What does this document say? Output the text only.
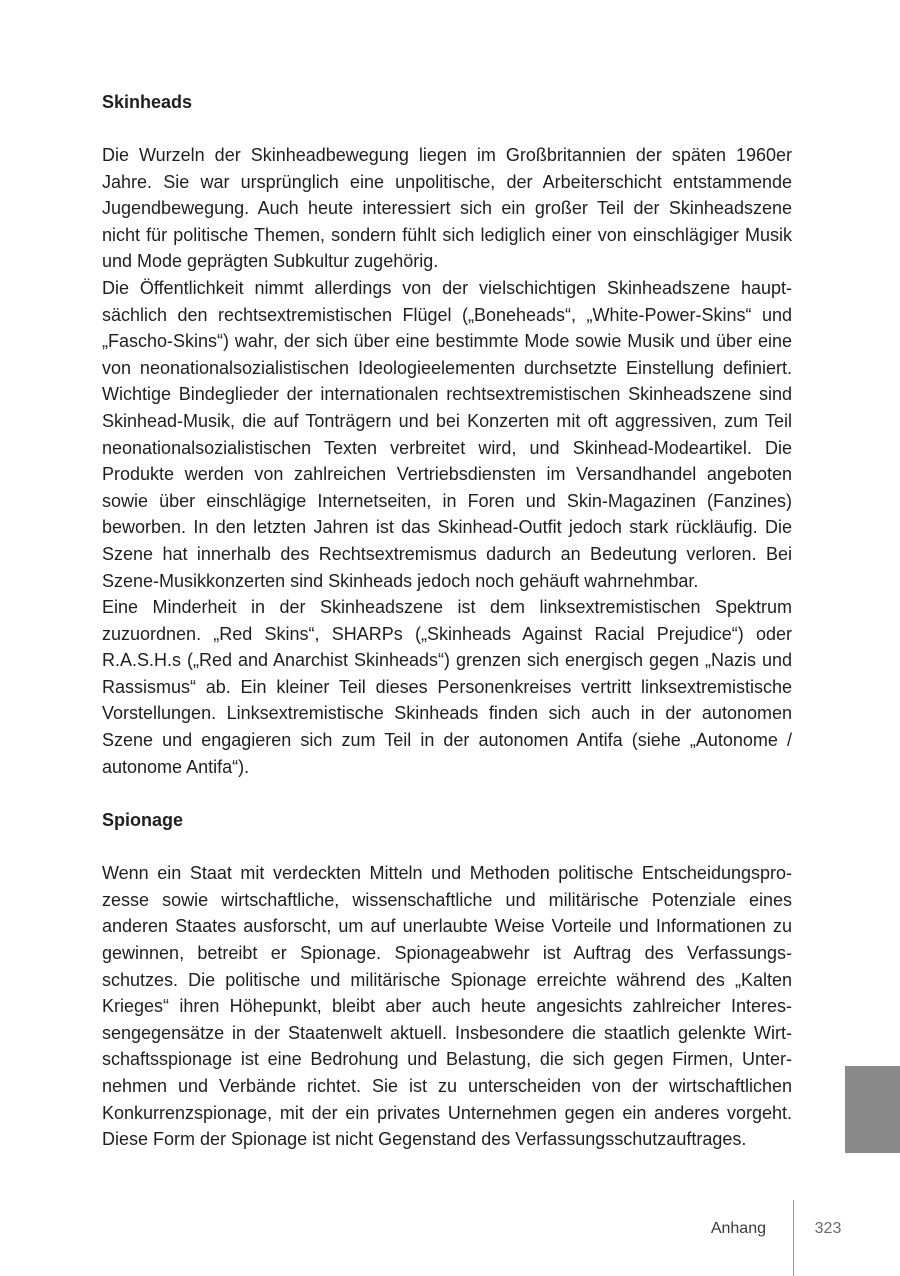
Skinheads

Die Wurzeln der Skinheadbewegung liegen im Großbritannien der späten 1960er Jahre. Sie war ursprünglich eine unpolitische, der Arbeiterschicht entstammende Jugendbewegung. Auch heute interessiert sich ein großer Teil der Skinheadszene nicht für politische Themen, sondern fühlt sich lediglich einer von einschlägiger Musik und Mode geprägten Subkultur zugehörig.

Die Öffentlichkeit nimmt allerdings von der vielschichtigen Skinheadszene hauptsächlich den rechtsextremistischen Flügel („Boneheads“, „White-Power-Skins“ und „Fascho-Skins“) wahr, der sich über eine bestimmte Mode sowie Musik und über eine von neonationalsozialistischen Ideologieelementen durchsetzte Einstellung definiert. Wichtige Bindeglieder der internationalen rechtsextremistischen Skinheadszene sind Skinhead-Musik, die auf Tonträgern und bei Konzerten mit oft aggressiven, zum Teil neonationalsozialistischen Texten verbreitet wird, und Skinhead-Modeartikel. Die Produkte werden von zahlreichen Vertriebsdiensten im Versandhandel angeboten sowie über einschlägige Internetseiten, in Foren und Skin-Magazinen (Fanzines) beworben. In den letzten Jahren ist das Skinhead-Outfit jedoch stark rückläufig. Die Szene hat innerhalb des Rechtsextremismus dadurch an Bedeutung verloren. Bei Szene-Musikkonzerten sind Skinheads jedoch noch gehäuft wahrnehmbar.

Eine Minderheit in der Skinheadszene ist dem linksextremistischen Spektrum zuzuordnen. „Red Skins“, SHARPs („Skinheads Against Racial Prejudice“) oder R.A.S.H.s („Red and Anarchist Skinheads“) grenzen sich energisch gegen „Nazis und Rassismus“ ab. Ein kleiner Teil dieses Personenkreises vertritt linksextremistische Vorstellungen. Linksextremistische Skinheads finden sich auch in der autonomen Szene und engagieren sich zum Teil in der autonomen Antifa (siehe „Autonome / autonome Antifa“).

Spionage

Wenn ein Staat mit verdeckten Mitteln und Methoden politische Entscheidungsprozesse sowie wirtschaftliche, wissenschaftliche und militärische Potenziale eines anderen Staates ausforscht, um auf unerlaubte Weise Vorteile und Informationen zu gewinnen, betreibt er Spionage. Spionageabwehr ist Auftrag des Verfassungsschutzes. Die politische und militärische Spionage erreichte während des „Kalten Krieges“ ihren Höhepunkt, bleibt aber auch heute angesichts zahlreicher Interessengegensätze in der Staatenwelt aktuell. Insbesondere die staatlich gelenkte Wirtschaftsspionage ist eine Bedrohung und Belastung, die sich gegen Firmen, Unternehmen und Verbände richtet. Sie ist zu unterscheiden von der wirtschaftlichen Konkurrenzspionage, mit der ein privates Unternehmen gegen ein anderes vorgeht. Diese Form der Spionage ist nicht Gegenstand des Verfassungsschutzauftrages.

Anhang	323
